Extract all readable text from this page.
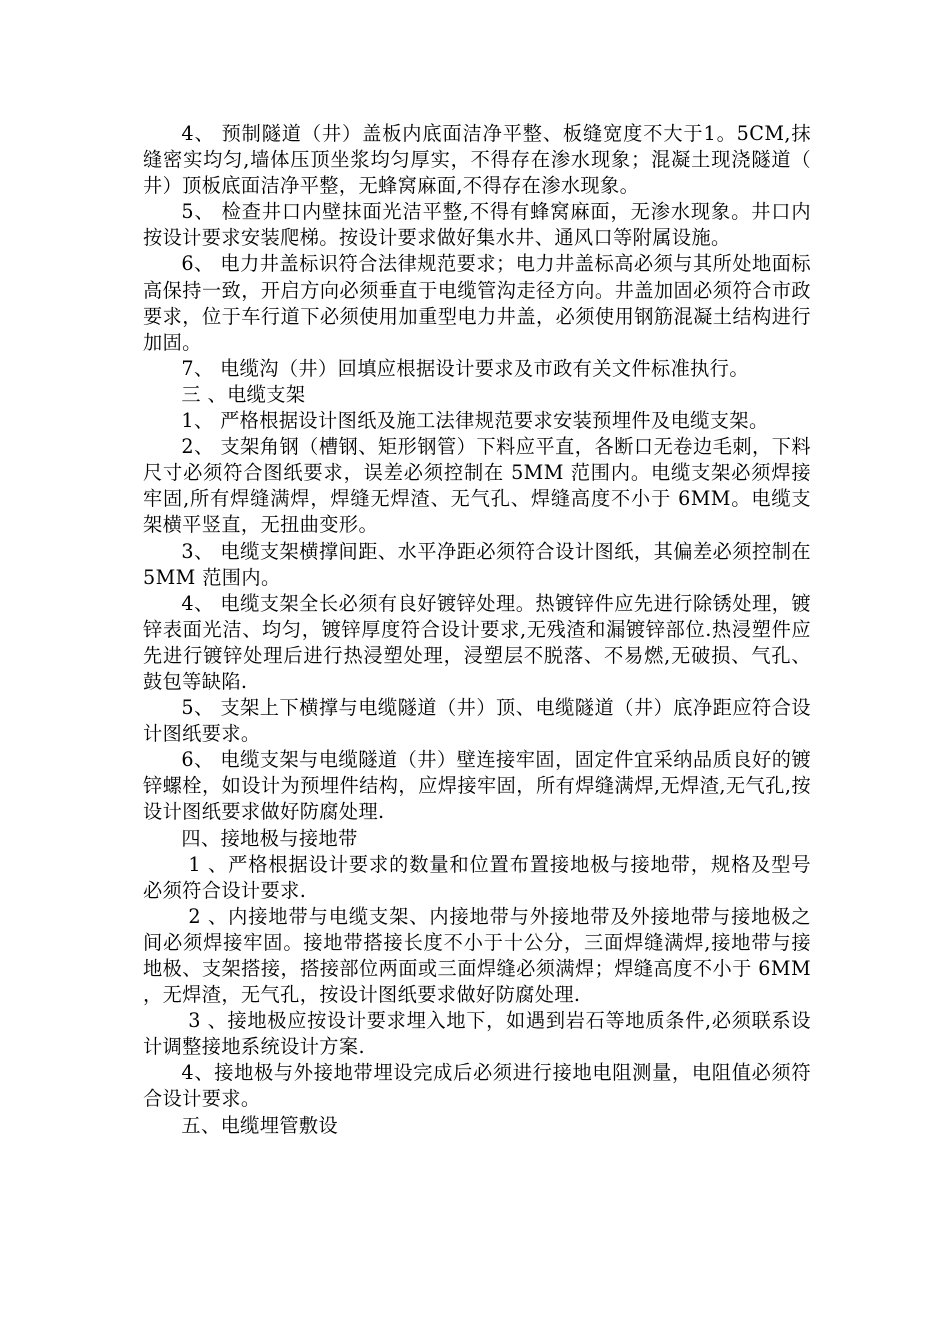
4、 预制隧道（井）盖板内底面洁净平整、板缝宽度不大于1。5CM,抹缝密实均匀,墙体压顶坐浆均匀厚实，不得存在渗水现象；混凝土现浇隧道（井）顶板底面洁净平整，无蜂窝麻面,不得存在渗水现象。

5、 检查井口内壁抹面光洁平整,不得有蜂窝麻面，无渗水现象。井口内按设计要求安装爬梯。按设计要求做好集水井、通风口等附属设施。

6、 电力井盖标识符合法律规范要求；电力井盖标高必须与其所处地面标高保持一致，开启方向必须垂直于电缆管沟走径方向。井盖加固必须符合市政要求，位于车行道下必须使用加重型电力井盖，必须使用钢筋混凝土结构进行加固。

7、 电缆沟（井）回填应根据设计要求及市政有关文件标准执行。

三 、电缆支架

1、 严格根据设计图纸及施工法律规范要求安装预埋件及电缆支架。

2、 支架角钢（槽钢、矩形钢管）下料应平直，各断口无卷边毛刺，下料尺寸必须符合图纸要求，误差必须控制在 5MM 范围内。电缆支架必须焊接牢固,所有焊缝满焊，焊缝无焊渣、无气孔、焊缝高度不小于 6MM。电缆支架横平竖直，无扭曲变形。

3、 电缆支架横撑间距、水平净距必须符合设计图纸，其偏差必须控制在 5MM 范围内。

4、 电缆支架全长必须有良好镀锌处理。热镀锌件应先进行除锈处理，镀锌表面光洁、均匀，镀锌厚度符合设计要求,无残渣和漏镀锌部位.热浸塑件应先进行镀锌处理后进行热浸塑处理，浸塑层不脱落、不易燃,无破损、气孔、鼓包等缺陷.

5、 支架上下横撑与电缆隧道（井）顶、电缆隧道（井）底净距应符合设计图纸要求。

6、 电缆支架与电缆隧道（井）壁连接牢固，固定件宜采纳品质良好的镀锌螺栓，如设计为预埋件结构，应焊接牢固，所有焊缝满焊,无焊渣,无气孔,按设计图纸要求做好防腐处理.

四、接地极与接地带

1 、严格根据设计要求的数量和位置布置接地极与接地带，规格及型号必须符合设计要求.

2 、内接地带与电缆支架、内接地带与外接地带及外接地带与接地极之间必须焊接牢固。接地带搭接长度不小于十公分，三面焊缝满焊,接地带与接地极、支架搭接，搭接部位两面或三面焊缝必须满焊；焊缝高度不小于 6MM，无焊渣，无气孔，按设计图纸要求做好防腐处理.

3 、接地极应按设计要求埋入地下，如遇到岩石等地质条件,必须联系设计调整接地系统设计方案.

4、接地极与外接地带埋设完成后必须进行接地电阻测量，电阻值必须符合设计要求。

五、电缆埋管敷设
